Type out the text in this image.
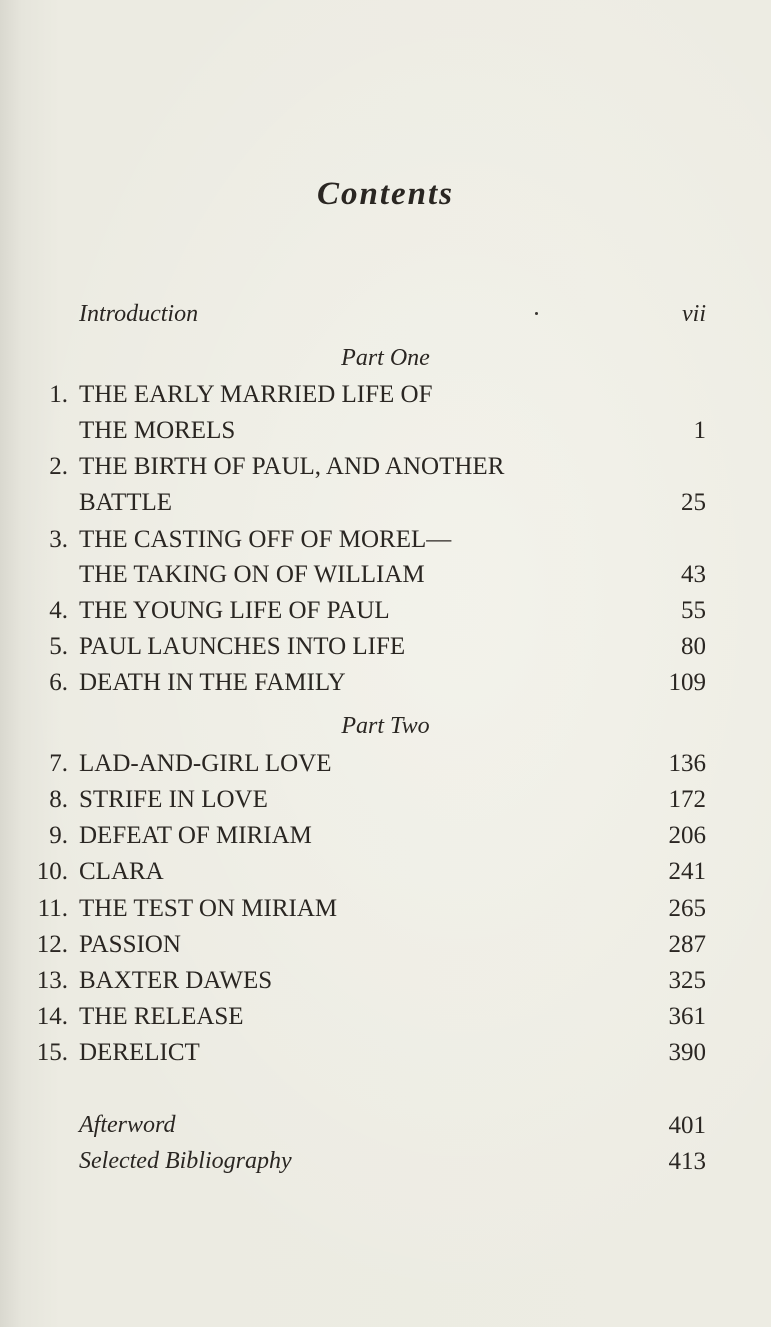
Contents
Introduction	vii
Part One
1. THE EARLY MARRIED LIFE OF
THE MORELS	1
2. THE BIRTH OF PAUL, AND ANOTHER
BATTLE	25
3. THE CASTING OFF OF MOREL—
THE TAKING ON OF WILLIAM	43
4. THE YOUNG LIFE OF PAUL	55
5. PAUL LAUNCHES INTO LIFE	80
6. DEATH IN THE FAMILY	109
Part Two
7. LAD-AND-GIRL LOVE	136
8. STRIFE IN LOVE	172
9. DEFEAT OF MIRIAM	206
10. CLARA	241
11. THE TEST ON MIRIAM	265
12. PASSION	287
13. BAXTER DAWES	325
14. THE RELEASE	361
15. DERELICT	390
Afterword	401
Selected Bibliography	413
